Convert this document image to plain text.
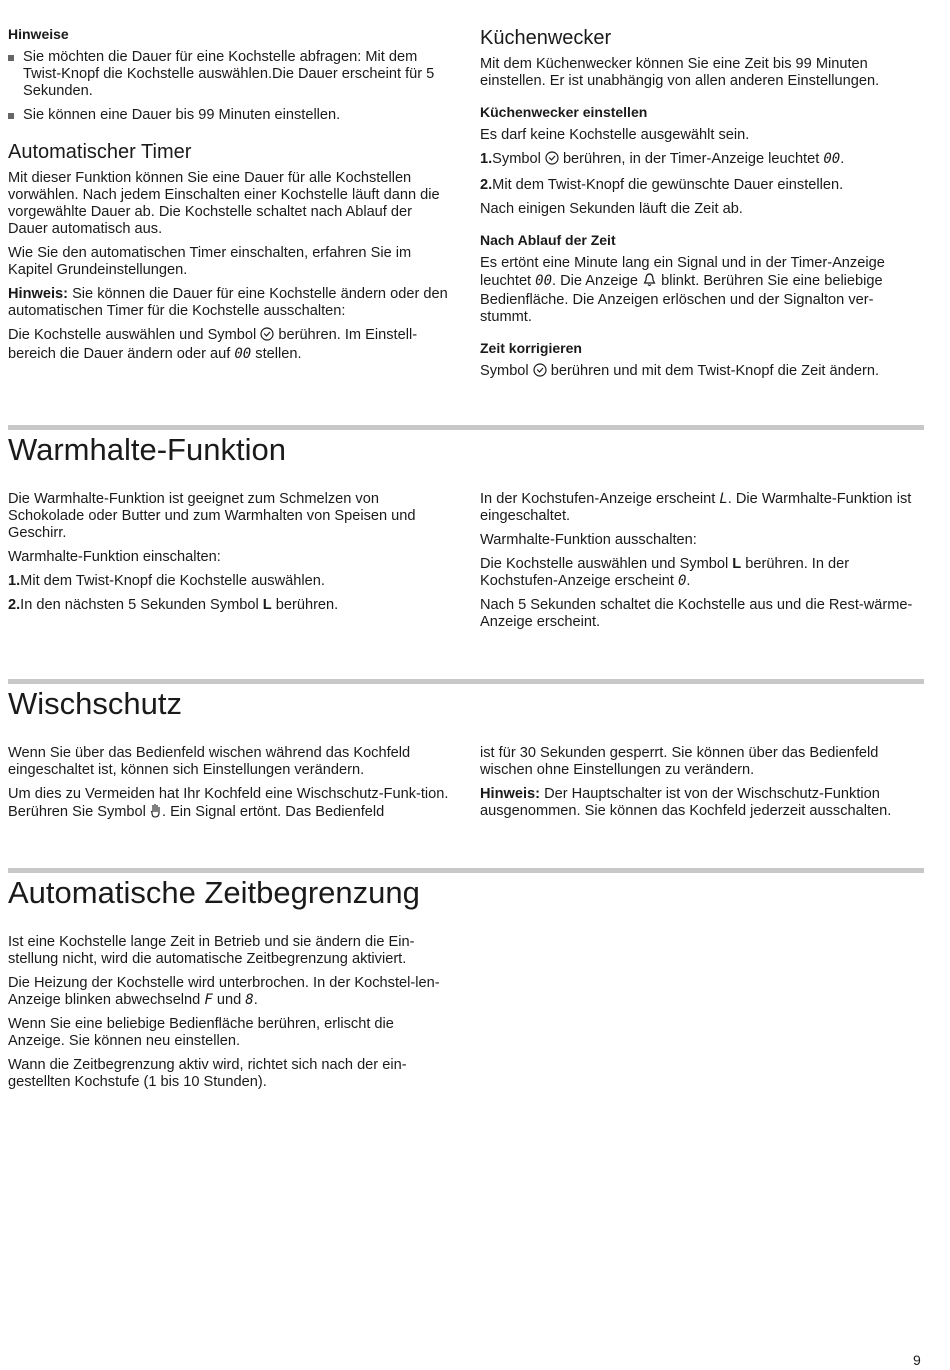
Hinweise
Sie möchten die Dauer für eine Kochstelle abfragen: Mit dem Twist-Knopf die Kochstelle auswählen.Die Dauer erscheint für 5 Sekunden.
Sie können eine Dauer bis 99 Minuten einstellen.
Automatischer Timer

Mit dieser Funktion können Sie eine Dauer für alle Kochstellen vorwählen. Nach jedem Einschalten einer Kochstelle läuft dann die vorgewählte Dauer ab. Die Kochstelle schaltet nach Ablauf der Dauer automatisch aus.

Wie Sie den automatischen Timer einschalten, erfahren Sie im Kapitel Grundeinstellungen.

Hinweis: Sie können die Dauer für eine Kochstelle ändern oder den automatischen Timer für die Kochstelle ausschalten:

Die Kochstelle auswählen und Symbol  berühren. Im Einstell-bereich die Dauer ändern oder auf 00 stellen.

Küchenwecker

Mit dem Küchenwecker können Sie eine Zeit bis 99 Minuten einstellen. Er ist unabhängig von allen anderen Einstellungen.

Küchenwecker einstellen

Es darf keine Kochstelle ausgewählt sein.

1.Symbol  berühren, in der Timer-Anzeige leuchtet 00.

2.Mit dem Twist-Knopf die gewünschte Dauer einstellen.

Nach einigen Sekunden läuft die Zeit ab.

Nach Ablauf der Zeit

Es ertönt eine Minute lang ein Signal und in der Timer-Anzeige leuchtet 00. Die Anzeige  blinkt. Berühren Sie eine beliebige Bedienfläche. Die Anzeigen erlöschen und der Signalton ver-stummt.

Zeit korrigieren

Symbol  berühren und mit dem Twist-Knopf die Zeit ändern.

Warmhalte-Funktion

Die Warmhalte-Funktion ist geeignet zum Schmelzen von Schokolade oder Butter und zum Warmhalten von Speisen und Geschirr.

Warmhalte-Funktion einschalten:

1.Mit dem Twist-Knopf die Kochstelle auswählen.

2.In den nächsten 5 Sekunden Symbol L berühren.

In der Kochstufen-Anzeige erscheint L. Die Warmhalte-Funktion ist eingeschaltet.

Warmhalte-Funktion ausschalten:

Die Kochstelle auswählen und Symbol L berühren. In der Kochstufen-Anzeige erscheint 0.

Nach 5 Sekunden schaltet die Kochstelle aus und die Rest-wärme-Anzeige erscheint.

Wischschutz

Wenn Sie über das Bedienfeld wischen während das Kochfeld eingeschaltet ist, können sich Einstellungen verändern.

Um dies zu Vermeiden hat Ihr Kochfeld eine Wischschutz-Funk-tion. Berühren Sie Symbol . Ein Signal ertönt. Das Bedienfeld

ist für 30 Sekunden gesperrt. Sie können über das Bedienfeld wischen ohne Einstellungen zu verändern.

Hinweis: Der Hauptschalter ist von der Wischschutz-Funktion ausgenommen. Sie können das Kochfeld jederzeit ausschalten.

Automatische Zeitbegrenzung

Ist eine Kochstelle lange Zeit in Betrieb und sie ändern die Ein-stellung nicht, wird die automatische Zeitbegrenzung aktiviert.

Die Heizung der Kochstelle wird unterbrochen. In der Kochstel-len-Anzeige blinken abwechselnd F und 8.

Wenn Sie eine beliebige Bedienfläche berühren, erlischt die Anzeige. Sie können neu einstellen.

Wann die Zeitbegrenzung aktiv wird, richtet sich nach der ein-gestellten Kochstufe (1 bis 10 Stunden).

9
